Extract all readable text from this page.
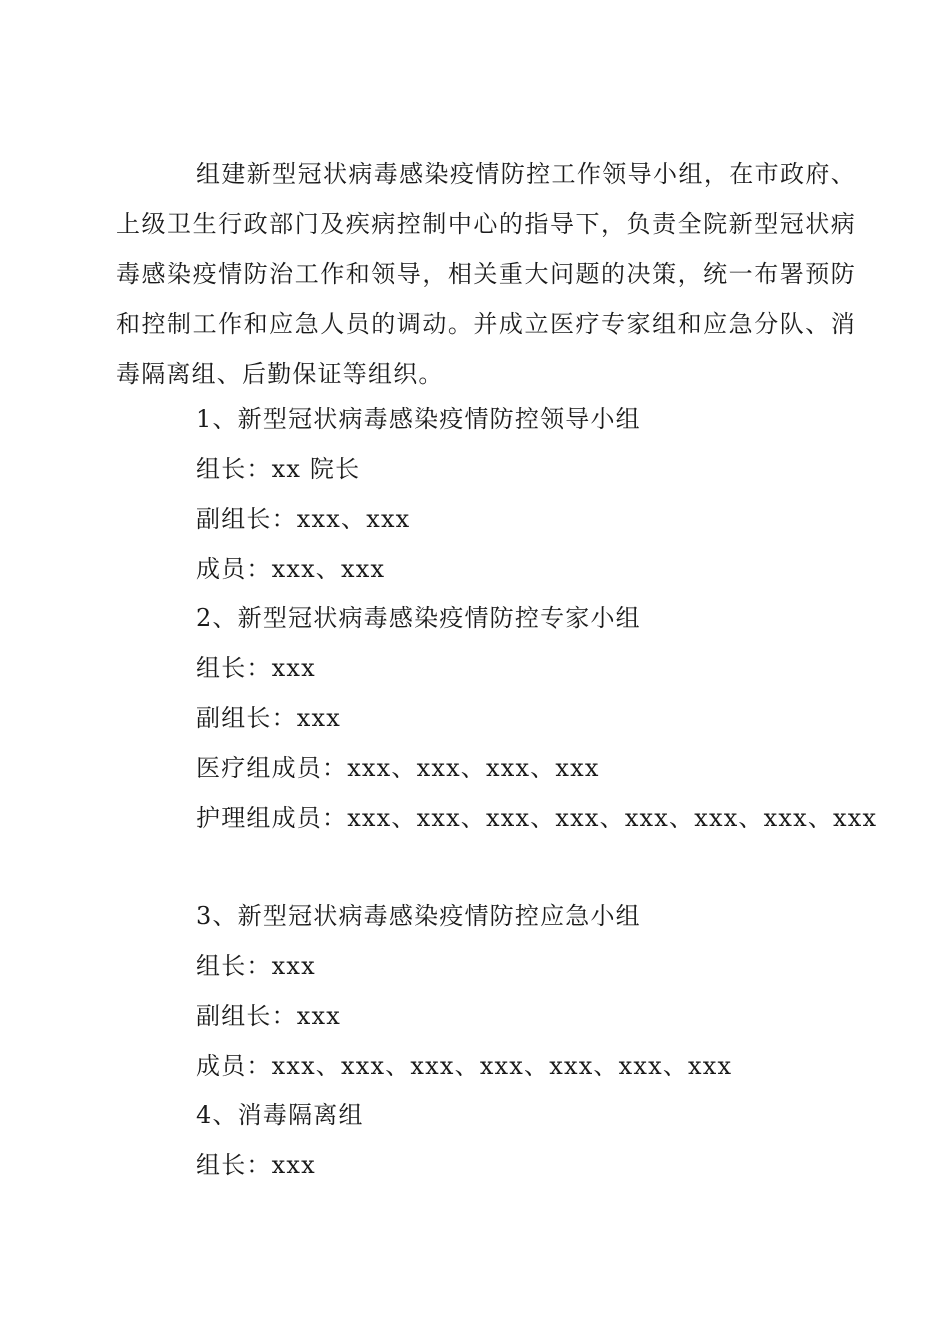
组建新型冠状病毒感染疫情防控工作领导小组，在市政府、上级卫生行政部门及疾病控制中心的指导下，负责全院新型冠状病毒感染疫情防治工作和领导，相关重大问题的决策，统一布署预防和控制工作和应急人员的调动。并成立医疗专家组和应急分队、消毒隔离组、后勤保证等组织。

1、新型冠状病毒感染疫情防控领导小组

组长：xx 院长

副组长：xxx、xxx

成员：xxx、xxx

2、新型冠状病毒感染疫情防控专家小组

组长：xxx

副组长：xxx

医疗组成员：xxx、xxx、xxx、xxx

护理组成员：xxx、xxx、xxx、xxx、xxx、xxx、xxx、xxx

3、新型冠状病毒感染疫情防控应急小组

组长：xxx

副组长：xxx

成员：xxx、xxx、xxx、xxx、xxx、xxx、xxx

4、消毒隔离组

组长：xxx
